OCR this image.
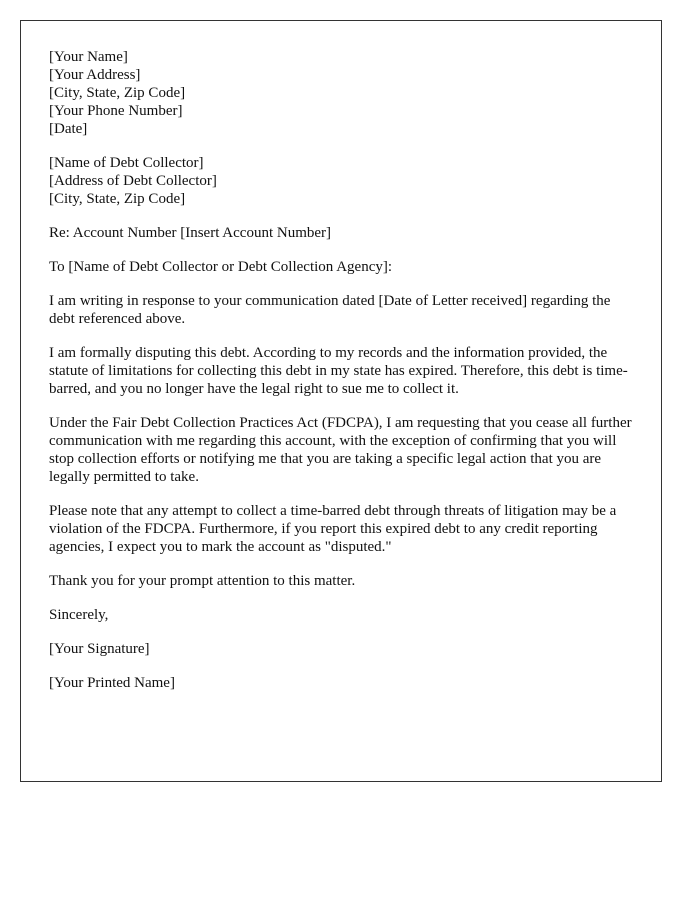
[Your Name]
[Your Address]
[City, State, Zip Code]
[Your Phone Number]
[Date]
[Name of Debt Collector]
[Address of Debt Collector]
[City, State, Zip Code]

Re: Account Number [Insert Account Number]

To [Name of Debt Collector or Debt Collection Agency]:

I am writing in response to your communication dated [Date of Letter received] regarding the debt referenced above.

I am formally disputing this debt. According to my records and the information provided, the statute of limitations for collecting this debt in my state has expired. Therefore, this debt is time-barred, and you no longer have the legal right to sue me to collect it.

Under the Fair Debt Collection Practices Act (FDCPA), I am requesting that you cease all further communication with me regarding this account, with the exception of confirming that you will stop collection efforts or notifying me that you are taking a specific legal action that you are legally permitted to take.

Please note that any attempt to collect a time-barred debt through threats of litigation may be a violation of the FDCPA. Furthermore, if you report this expired debt to any credit reporting agencies, I expect you to mark the account as "disputed."

Thank you for your prompt attention to this matter.

Sincerely,

[Your Signature]

[Your Printed Name]
